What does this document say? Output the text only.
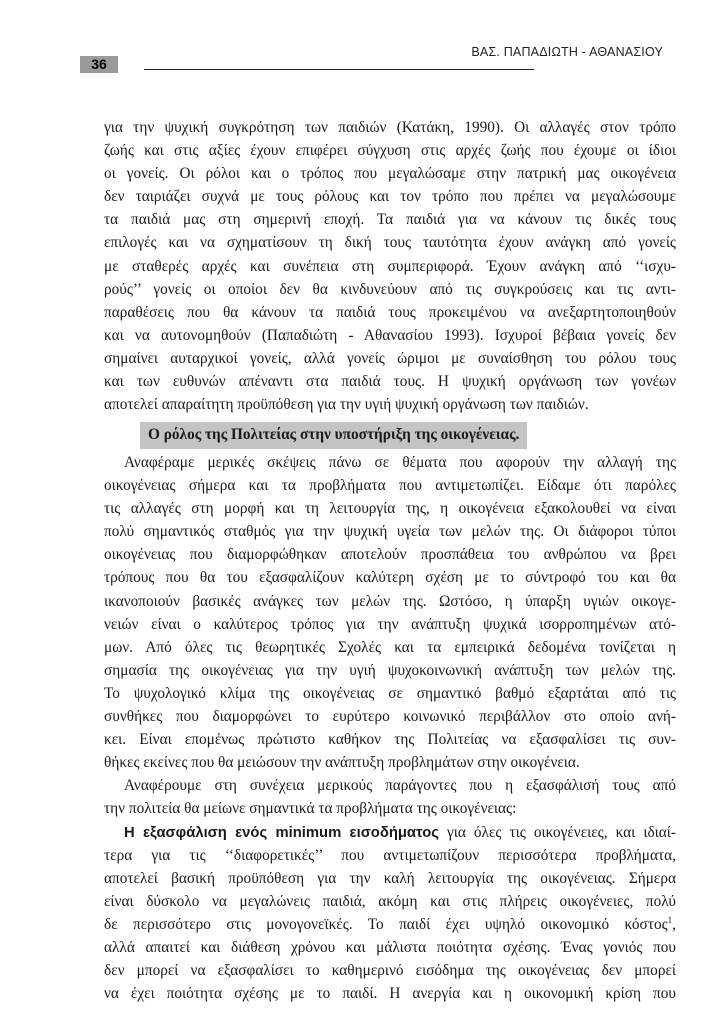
36
ΒΑΣ. ΠΑΠΑΔΙΩΤΗ - ΑΘΑΝΑΣΙΟΥ
για την ψυχική συγκρότηση των παιδιών (Κατάκη, 1990). Οι αλλαγές στον τρόπο
ζωής και στις αξίες έχουν επιφέρει σύγχυση στις αρχές ζωής που έχουμε οι ίδιοι
οι γονείς. Οι ρόλοι και ο τρόπος που μεγαλώσαμε στην πατρική μας οικογένεια
δεν ταιριάζει συχνά με τους ρόλους και τον τρόπο που πρέπει να μεγαλώσουμε
τα παιδιά μας στη σημερινή εποχή. Τα παιδιά για να κάνουν τις δικές τους
επιλογές και να σχηματίσουν τη δική τους ταυτότητα έχουν ανάγκη από γονείς
με σταθερές αρχές και συνέπεια στη συμπεριφορά. Έχουν ανάγκη από ‘‘ισχυ-
ρούς’’ γονείς οι οποίοι δεν θα κινδυνεύουν από τις συγκρούσεις και τις αντι-
παραθέσεις που θα κάνουν τα παιδιά τους προκειμένου να ανεξαρτητοποιηθούν
και να αυτονομηθούν (Παπαδιώτη - Αθανασίου 1993). Ισχυροί βέβαια γονείς δεν
σημαίνει αυταρχικοί γονείς, αλλά γονείς ώριμοι με συναίσθηση του ρόλου τους
και των ευθυνών απέναντι στα παιδιά τους. Η ψυχική οργάνωση των γονέων
αποτελεί απαραίτητη προϋπόθεση για την υγιή ψυχική οργάνωση των παιδιών.
Ο ρόλος της Πολιτείας στην υποστήριξη της οικογένειας.
Αναφέραμε μερικές σκέψεις πάνω σε θέματα που αφορούν την αλλαγή της
οικογένειας σήμερα και τα προβλήματα που αντιμετωπίζει. Είδαμε ότι παρόλες
τις αλλαγές στη μορφή και τη λειτουργία της, η οικογένεια εξακολουθεί να είναι
πολύ σημαντικός σταθμός για την ψυχική υγεία των μελών της. Οι διάφοροι τύποι
οικογένειας που διαμορφώθηκαν αποτελούν προσπάθεια του ανθρώπου να βρει
τρόπους που θα του εξασφαλίζουν καλύτερη σχέση με το σύντροφό του και θα
ικανοποιούν βασικές ανάγκες των μελών της. Ωστόσο, η ύπαρξη υγιών οικογε-
νειών είναι ο καλύτερος τρόπος για την ανάπτυξη ψυχικά ισορροπημένων ατό-
μων. Από όλες τις θεωρητικές Σχολές και τα εμπειρικά δεδομένα τονίζεται η
σημασία της οικογένειας για την υγιή ψυχοκοινωνική ανάπτυξη των μελών της.
Το ψυχολογικό κλίμα της οικογένειας σε σημαντικό βαθμό εξαρτάται από τις
συνθήκες που διαμορφώνει το ευρύτερο κοινωνικό περιβάλλον στο οποίο ανή-
κει. Είναι επομένως πρώτιστο καθήκον της Πολιτείας να εξασφαλίσει τις συν-
θήκες εκείνες που θα μειώσουν την ανάπτυξη προβλημάτων στην οικογένεια.
Αναφέρουμε στη συνέχεια μερικούς παράγοντες που η εξασφάλισή τους από
την πολιτεία θα μείωνε σημαντικά τα προβλήματα της οικογένειας:
Η εξασφάλιση ενός minimum εισοδήματος για όλες τις οικογένειες, και ιδιαί-
τερα για τις ‘‘διαφορετικές’’ που αντιμετωπίζουν περισσότερα προβλήματα,
αποτελεί βασική προϋπόθεση για την καλή λειτουργία της οικογένειας. Σήμερα
είναι δύσκολο να μεγαλώνεις παιδιά, ακόμη και στις πλήρεις οικογένειες, πολύ
δε περισσότερο στις μονογονεϊκές. Το παιδί έχει υψηλό οικονομικό κόστος$^1$,
αλλά απαιτεί και διάθεση χρόνου και μάλιστα ποιότητα σχέσης. Ένας γονιός που
δεν μπορεί να εξασφαλίσει το καθημερινό εισόδημα της οικογένειας δεν μπορεί
να έχει ποιότητα σχέσης με το παιδί. Η ανεργία και η οικονομική κρίση που
